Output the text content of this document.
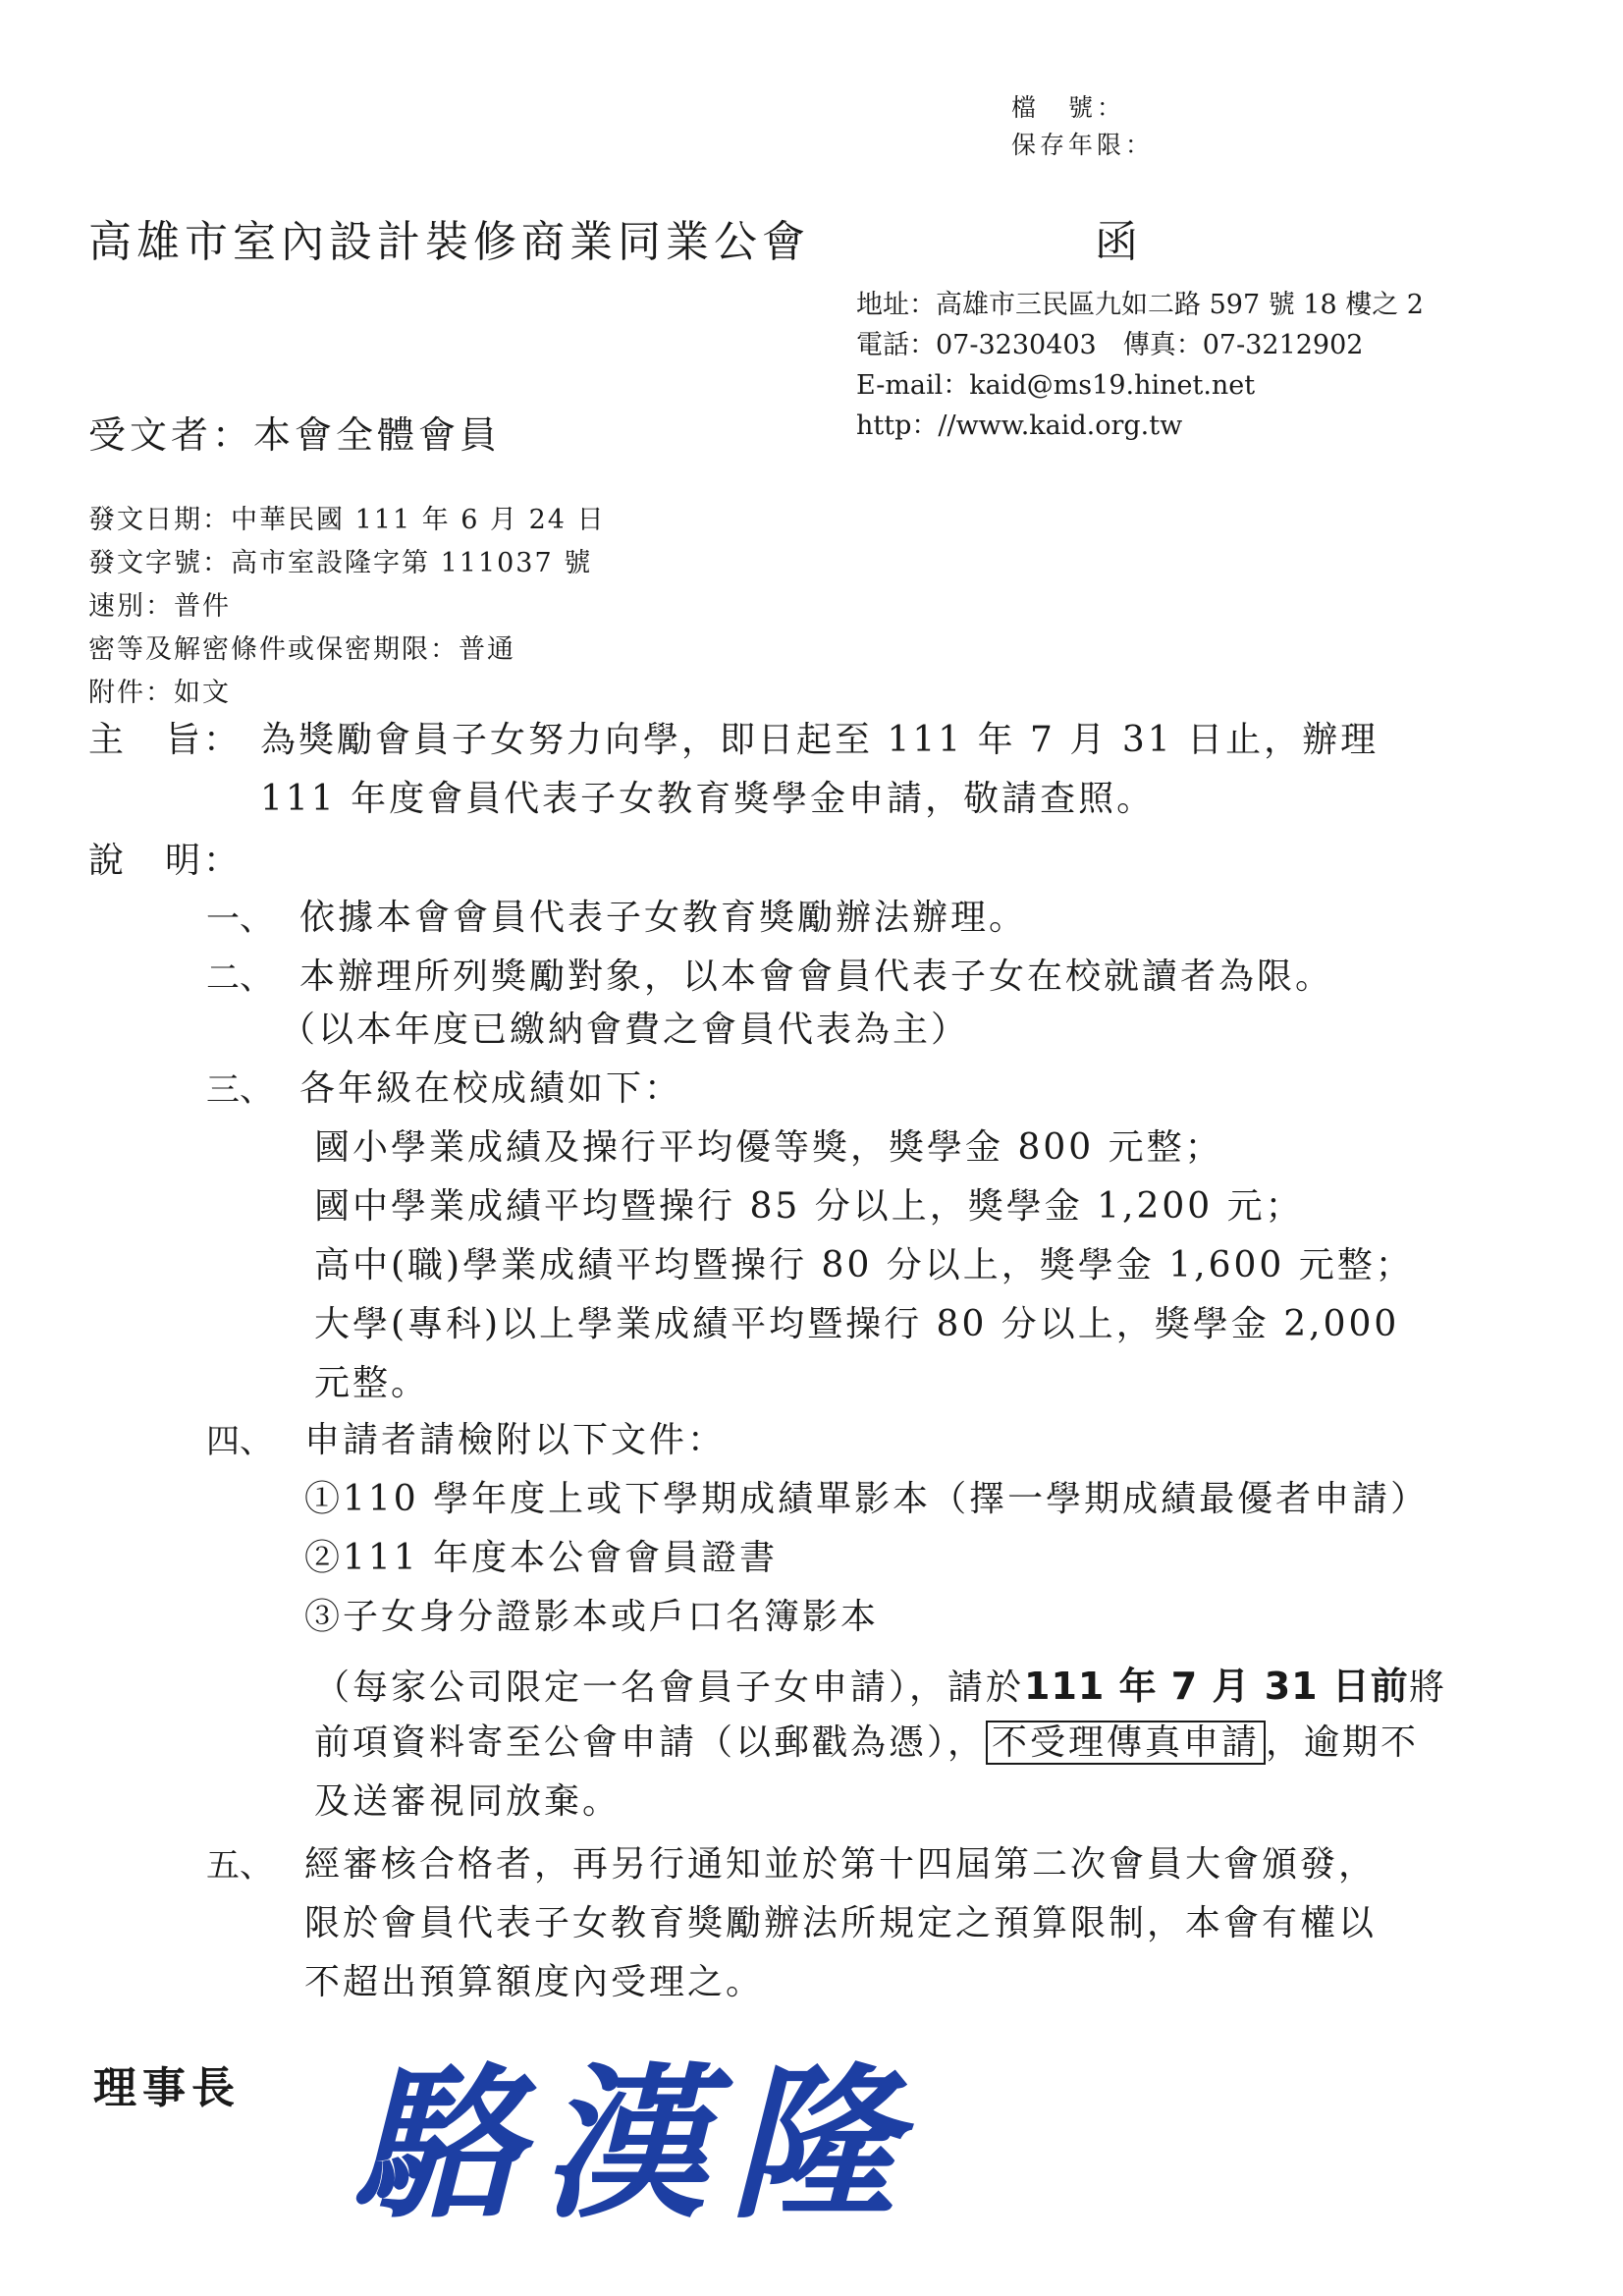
檔　號：
保存年限：
高雄市室內設計裝修商業同業公會	函
地址：高雄市三民區九如二路 597 號 18 樓之 2
電話：07-3230403　傳真：07-3212902
E-mail：kaid@ms19.hinet.net
http：//www.kaid.org.tw
受文者：本會全體會員
發文日期：中華民國 111 年 6 月 24 日
發文字號：高市室設隆字第 111037 號
速別：普件
密等及解密條件或保密期限：普通
附件：如文
主　旨： 為獎勵會員子女努力向學，即日起至 111 年 7 月 31 日止，辦理
111 年度會員代表子女教育獎學金申請，敬請查照。
說　明：
一、 依據本會會員代表子女教育獎勵辦法辦理。
二、 本辦理所列獎勵對象，以本會會員代表子女在校就讀者為限。
（以本年度已繳納會費之會員代表為主）
三、 各年級在校成績如下：
國小學業成績及操行平均優等獎，獎學金 800 元整；
國中學業成績平均暨操行 85 分以上，獎學金 1,200 元；
高中(職)學業成績平均暨操行 80 分以上，獎學金 1,600 元整；
大學(專科)以上學業成績平均暨操行 80 分以上，獎學金 2,000
元整。
四、 申請者請檢附以下文件：
①110 學年度上或下學期成績單影本（擇一學期成績最優者申請）
②111 年度本公會會員證書
③子女身分證影本或戶口名簿影本
（每家公司限定一名會員子女申請），請於111 年 7 月 31 日前將
前項資料寄至公會申請（以郵戳為憑）， 不受理傳真申請 ，逾期不
及送審視同放棄。
五、 經審核合格者，再另行通知並於第十四屆第二次會員大會頒發，
限於會員代表子女教育獎勵辦法所規定之預算限制，本會有權以
不超出預算額度內受理之。
理事長 駱漢隆
